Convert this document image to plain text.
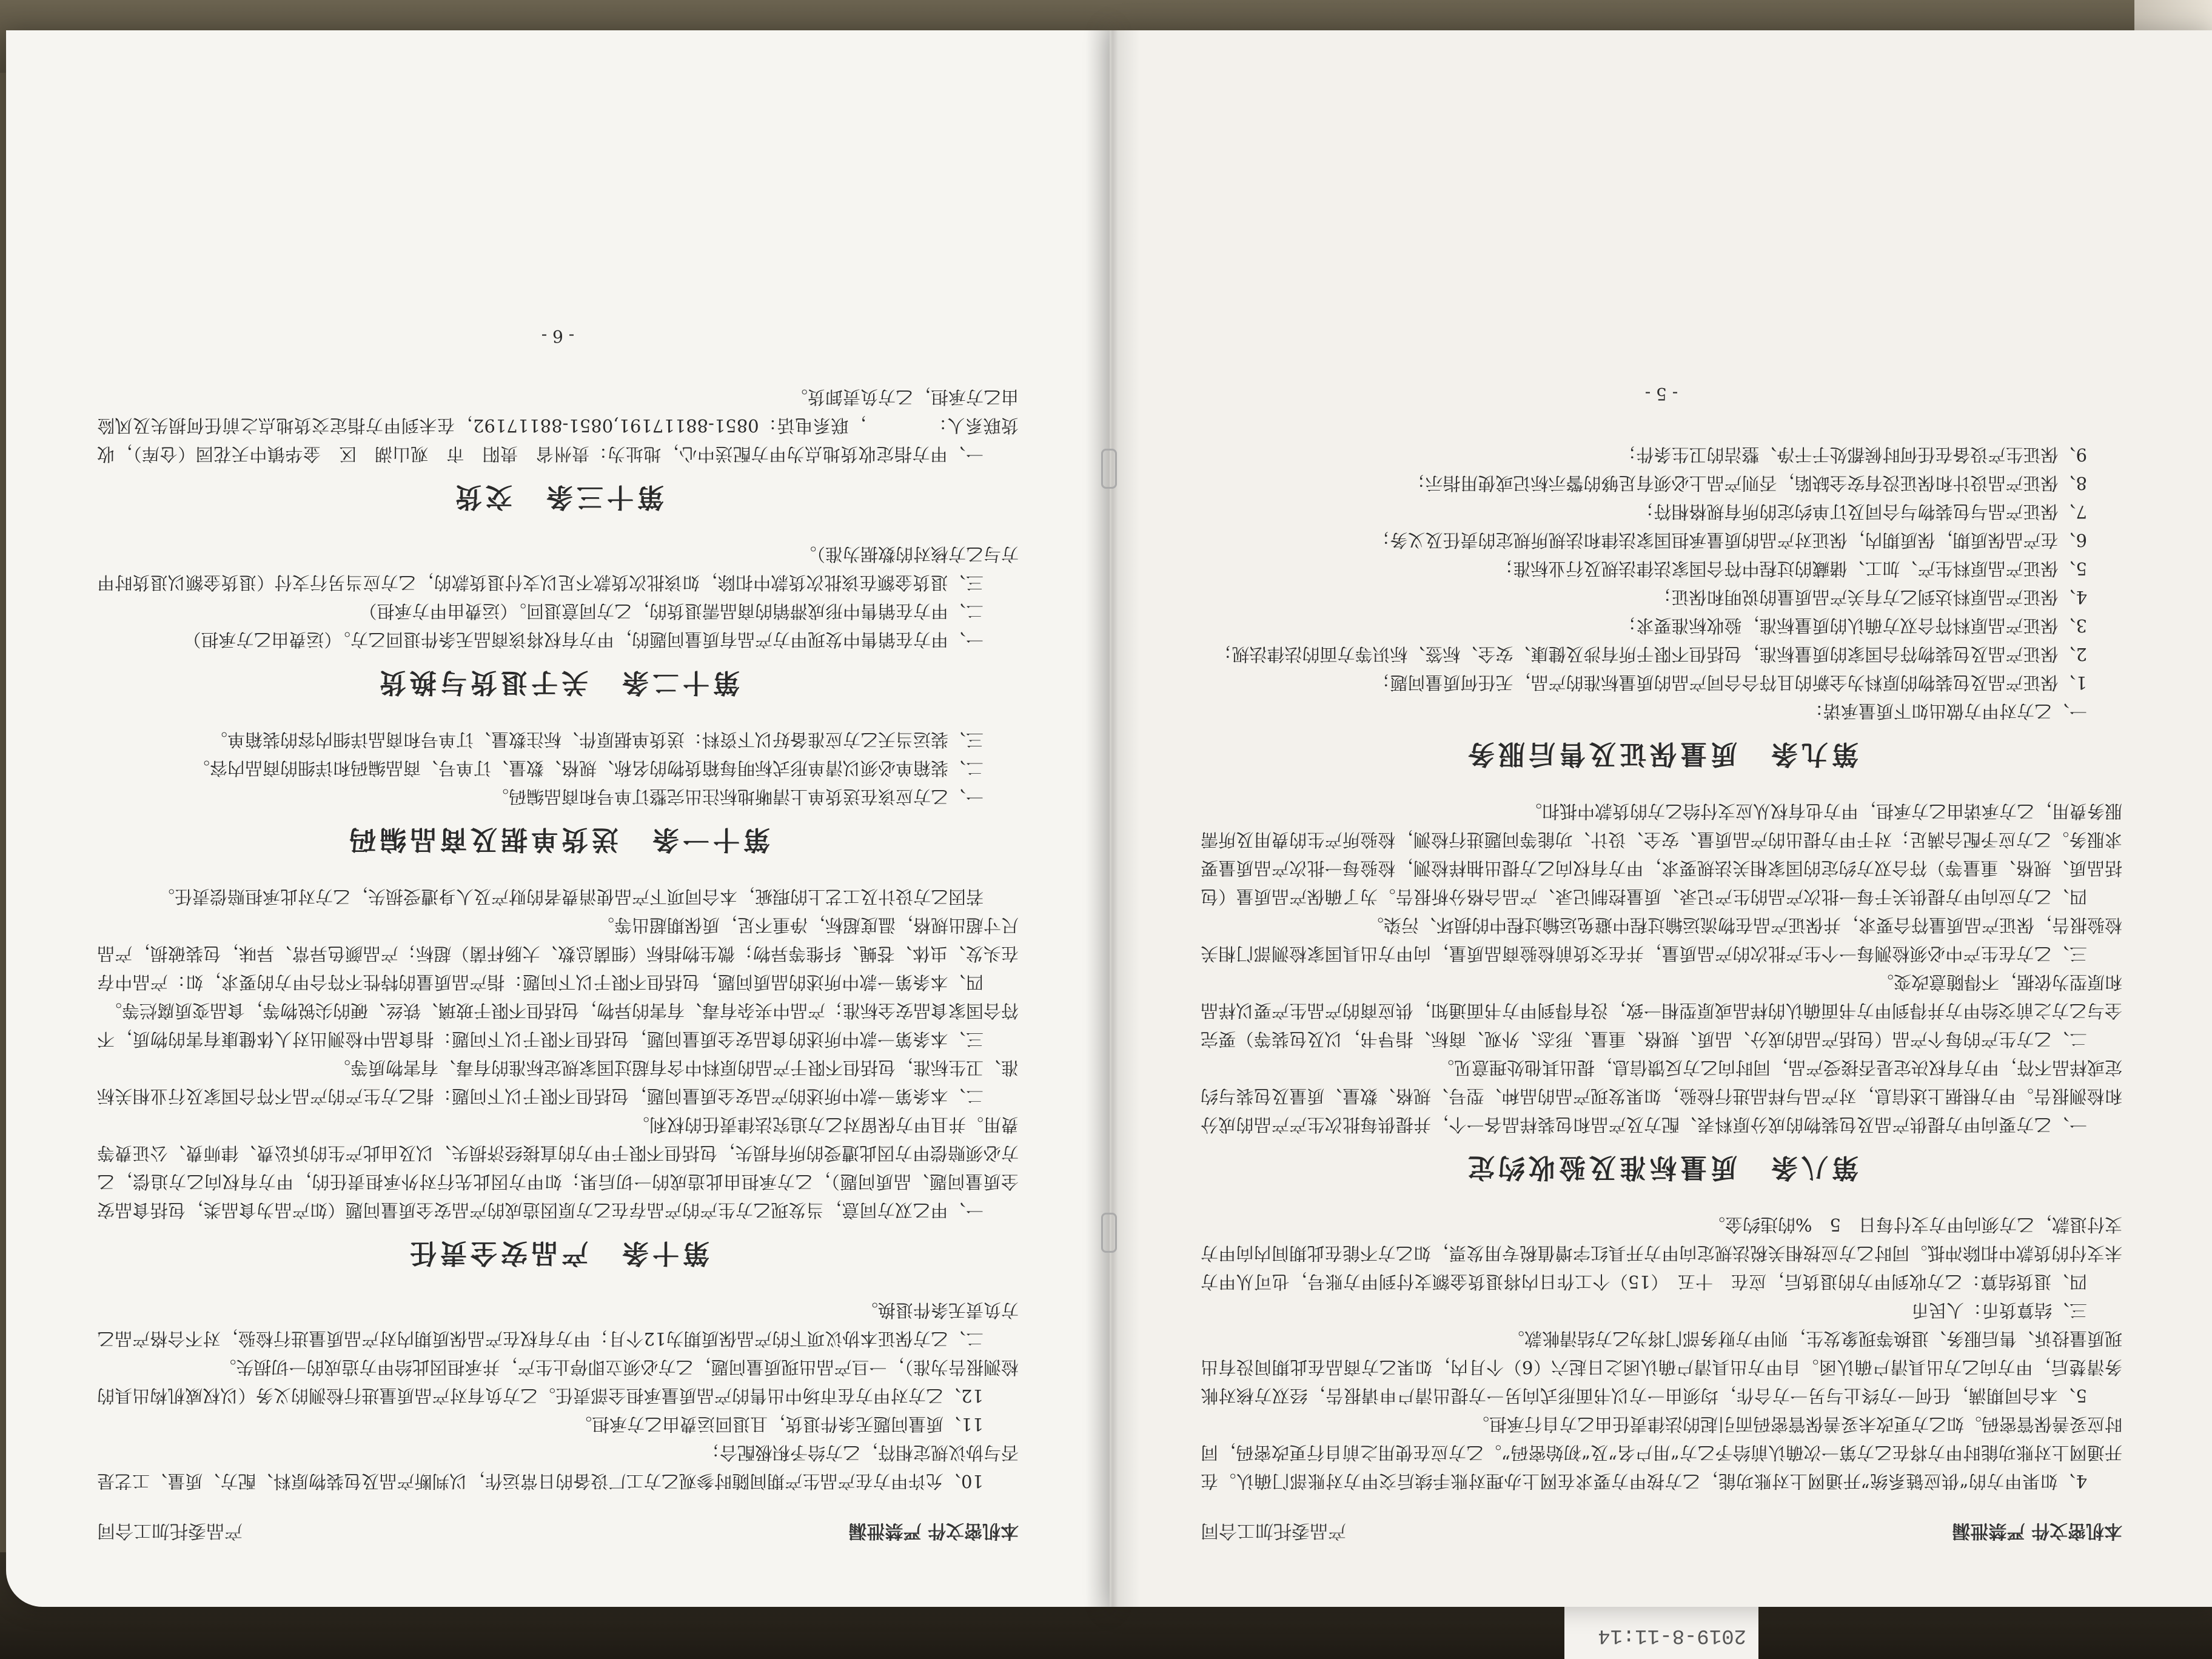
2019-8-11:14
本机密文件 严禁泄漏
产品委托加工合同

10、允许甲方在产品生产期间随时参观乙方工厂设备的日常运作，以判断产品及包装物原料、配方、质量、工艺是否与协议规定相符，乙方给予积极配合；

11、质量问题无条件退货，且退回运费由乙方承担。

12、乙方对甲方在市场中出售的产品质量承担全部责任。乙方负有对产品质量进行检测的义务（以权威机构出具的检测报告为准），一旦产品出现质量问题，乙方必须立即停止生产，并承担因此给甲方造成的一切损失。

二、乙方保证本协议项下的产品保质期为12个月；甲方有权在产品保质期内对产品质量进行检验，对不合格产品乙方负责无条件退换。

第十条　产品安全责任

一、甲乙双方同意，当发现乙方生产的产品存在乙方原因造成的产品安全质量问题（如产品为食品类，包括食品安全质量问题、品质问题），乙方承担由此造成的一切后果；如甲方因此先行对外承担责任的，甲方有权向乙方追偿，乙方必须赔偿甲方因此遭受的所有损失，包括但不限于甲方的直接经济损失、以及由此产生的诉讼费、律师费、公证费等费用。并且甲方保留对乙方追究法律责任的权利。

二、本条第一款中所述的产品安全质量问题，包括但不限于以下问题：指乙方生产的产品不符合国家及行业相关标准、卫生标准，包括但不限于产品的原料中含有超过国家规定标准的有毒、有害物质等。

三、本条第一款中所述的食品安全质量问题，包括但不限于以下问题：指食品中检测出对人体健康有害的物质，不符合国家食品安全标准；产品中夹杂有毒、有害的异物，包括但不限于玻璃、铁丝、硬的尖锐物等，食品变质腐烂等。

四、本条第一款中所述的品质问题，包括但不限于以下问题：指产品质量的特性不符合甲方的要求，如：产品中存在头发、虫体、苍蝇、纤维等异物；微生物指标（细菌总数、大肠杆菌）超标；产品颜色异常、异味，包装破损，产品尺寸超出规格，温度超标，净重不足，质保期超出等。

若因乙方设计及工艺上的瑕疵，本合同项下产品使消费者的财产及人身遭受损失，乙方对此承担赔偿责任。

第十一条　送货单据及商品编码

一、乙方应该在送货单上清晰地标注出完整订单号和商品编码。

二、装箱单必须以清单形式标明每箱货物的名称、规格、数量、订单号、商品编码和详细的商品内容。

三、装运当天乙方应准备好以下资料：送货单据原件、标注数量、订单号和商品详细内容的装箱单。

第十二条　关于退货与换货

一、甲方在销售中发现甲方产品有质量问题的，甲方有权将该商品无条件退回乙方。（运费由乙方承担）

二、甲方在销售中形成滞销的商品需退货的，乙方同意退回。（运费由甲方承担）

三、退货金额在该批次货款中扣除，如该批次货款不足以支付退货款的，乙方应当另行支付（退货金额以退货时甲方与乙方核对的数据为准）。

第十三条　交货

一、甲方指定收货地点为甲方配送中心，地址为：贵州省　贵阳　市　观山湖　区　金华镇中天花园（仓库），收货联系人：　　　　，联系电话：0851-88117191,0851-88117192，在未到甲方指定交货地点之前任何损失及风险由乙方承担，乙方负责卸货。

- 6 -
本机密文件 严禁泄漏
产品委托加工合同

4、如果甲方的“供应链系统”开通网上对账功能，乙方按甲方要求在网上办理对账手续后交甲方对账部门确认。在开通网上对账功能时甲方将在乙方第一次确认前给予乙方“用户名”及“初始密码”。乙方应在使用之前自行更改密码，同时应妥善保管密码。如乙方更改未妥善保管密码而引起的法律责任由乙方自行承担。

5、本合同期满，任何一方终止与另一方合作，均须由一方以书面形式向另一方提出清户申请报告，经双方核对帐务清楚后，甲方向乙方出具清户确认函。自甲方出具清户确认函之日起六（6）个月内，如果乙方商品在此期间没有出现质量投诉、售后服务、退换等现象发生，则甲方财务部门将为乙方结清帐款。

三、结算货币：人民币

四、退货结算：乙方收到甲方的退货后，应在　十五　（15）个工作日内将退货金额支付到甲方账号，也可从甲方未支付的货款中扣除冲抵。同时乙方应按相关税法规定向甲方开具红字增值税专用发票，如乙方不能在此期间内向甲方支付退款，乙方须向甲方支付每日　5　%的违约金。

第八条　质量标准及验收约定

一、乙方要向甲方提供产品及包装物的成分原料表、配方及产品和包装样品各一个，并提供每批次生产产品的成分和检测报告。甲方根据上述信息，对产品与样品进行检验，如果发现产品的品种、型号、规格、数量、质量及包装与约定或样品不符，甲方有权决定是否接受产品，同时向乙方反馈信息，提出其他处理意见。

二、乙方生产的每个产品（包括产品的成分、品质、规格、重量、形态、外观、商标、指导书，以及包装等）要完全与乙方之前交给甲方并得到甲方书面确认的样品或原型相一致，没有得到甲方书面通知，供应商的产品生产要以样品和原型为依据，不得随意改变。

三、乙方在生产中必须检测每一个生产批次的产品质量，并在交货前检验商品质量，向甲方出具国家检测部门相关检验报告，保证产品质量符合要求，并保证产品在物流运输过程中避免运输过程中的损坏、污染。

四、乙方应向甲方提供关于每一批次产品的生产记录、质量控制记录、产品合格分析报告。为了确保产品质量（包括品质、规格、重量等）符合双方约定的国家相关法规要求，甲方有权向乙方提出抽样检测，检验每一批次产品质量要求服务。乙方应予配合满足；对于甲方提出的产品质量、安全、设计、功能等问题进行检测，检验所产生的费用及所需服务费用，乙方承诺由乙方承担，甲方也有权从应支付给乙方的货款中抵扣。

第九条　质量保证及售后服务

一、乙方对甲方做出如下质量承诺：

1、保证产品及包装物的原料为全新的且符合合同产品的质量标准的产品，无任何质量问题；

2、保证产品及包装物符合国家的质量标准，包括但不限于所有涉及健康、安全、标签、标识等方面的法律法规；

3、保证产品原料符合双方确认的质量标准，验收标准要求；

4、保证产品原料达到乙方有关产品质量的说明和保证；

5、保证产品原料生产、加工、储藏的过程中符合国家法律法规及行业标准；

6、在产品保质期，保质期内，保证对产品的质量承担国家法律和法规所规定的责任及义务；

7、保证产品与包装物与合同及订单约定的所有规格相符；

8、保证产品设计和保证没有安全缺陷，否则产品上必须有足够的警示标记或使用指示；

9、保证生产设备在任何时候都处于干净、整洁的卫生条件；

- 5 -
